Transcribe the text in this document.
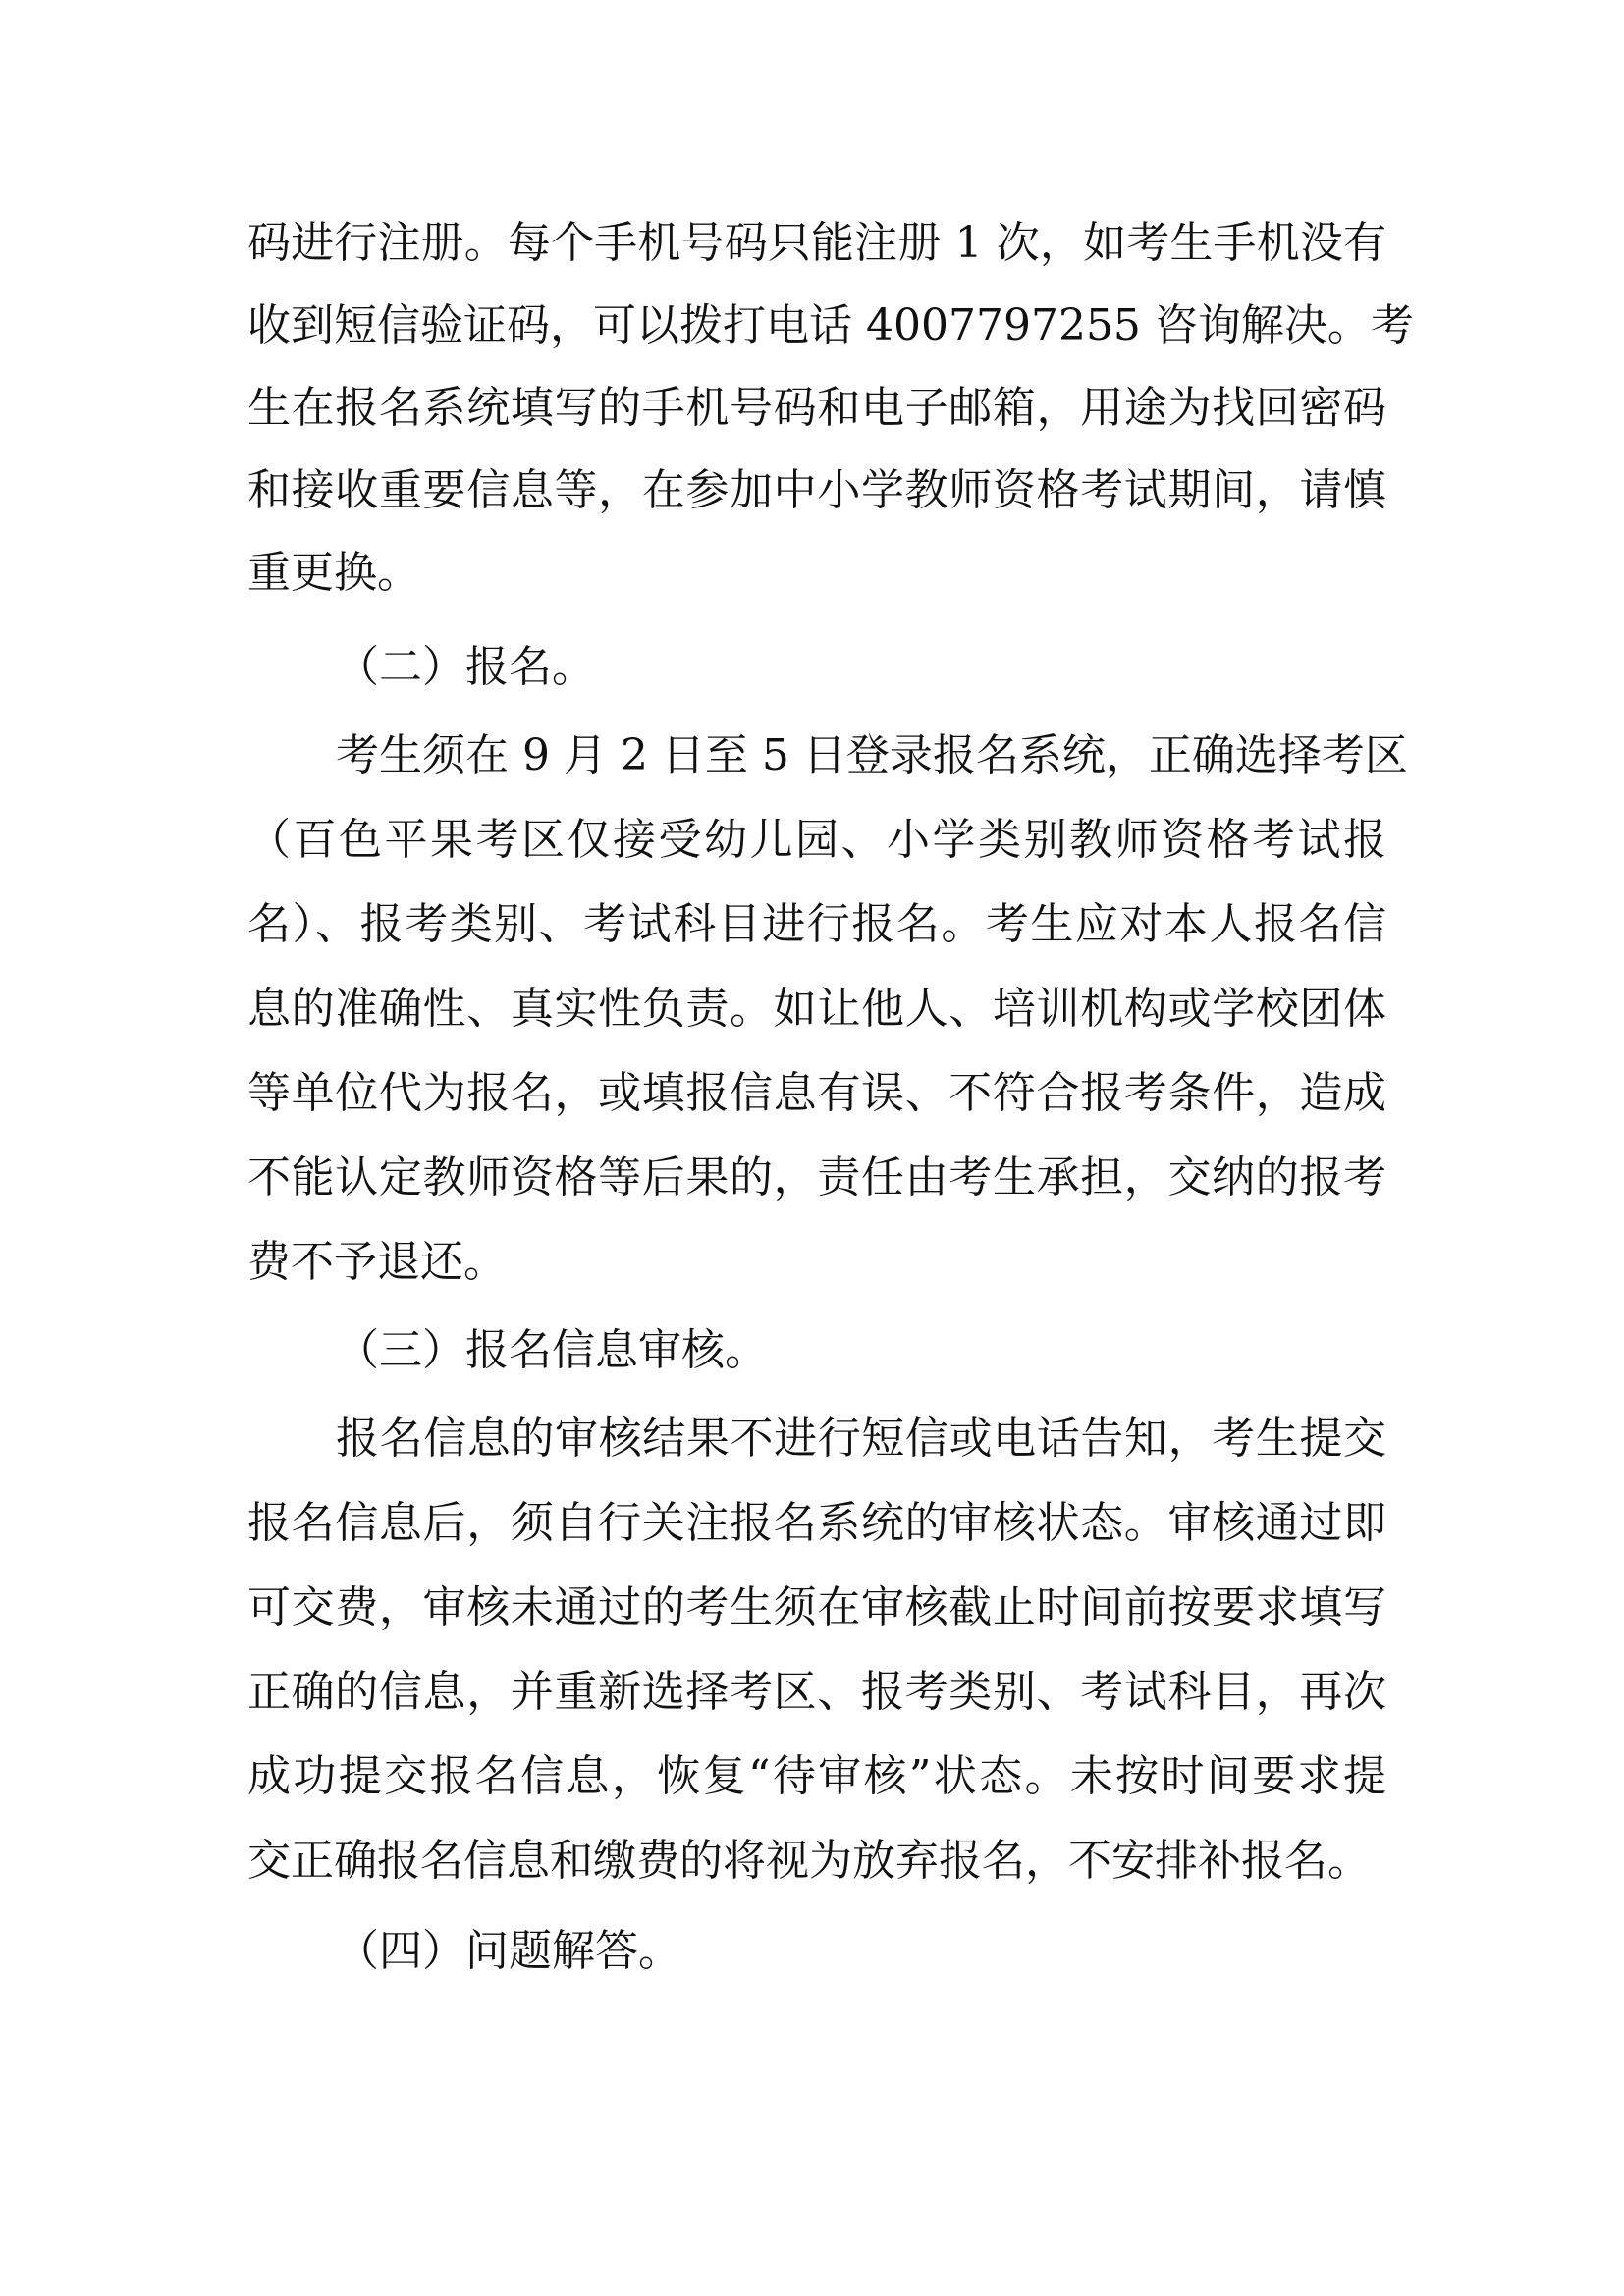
码进行注册。每个手机号码只能注册 1 次，如考生手机没有
收到短信验证码，可以拨打电话 4007797255 咨询解决。考
生在报名系统填写的手机号码和电子邮箱，用途为找回密码
和接收重要信息等，在参加中小学教师资格考试期间，请慎
重更换。
（二）报名。
考生须在 9 月 2 日至 5 日登录报名系统，正确选择考区
（百色平果考区仅接受幼儿园、小学类别教师资格考试报
名）、报考类别、考试科目进行报名。考生应对本人报名信
息的准确性、真实性负责。如让他人、培训机构或学校团体
等单位代为报名，或填报信息有误、不符合报考条件，造成
不能认定教师资格等后果的，责任由考生承担，交纳的报考
费不予退还。
（三）报名信息审核。
报名信息的审核结果不进行短信或电话告知，考生提交
报名信息后，须自行关注报名系统的审核状态。审核通过即
可交费，审核未通过的考生须在审核截止时间前按要求填写
正确的信息，并重新选择考区、报考类别、考试科目，再次
成功提交报名信息，恢复“待审核”状态。未按时间要求提
交正确报名信息和缴费的将视为放弃报名，不安排补报名。
（四）问题解答。
